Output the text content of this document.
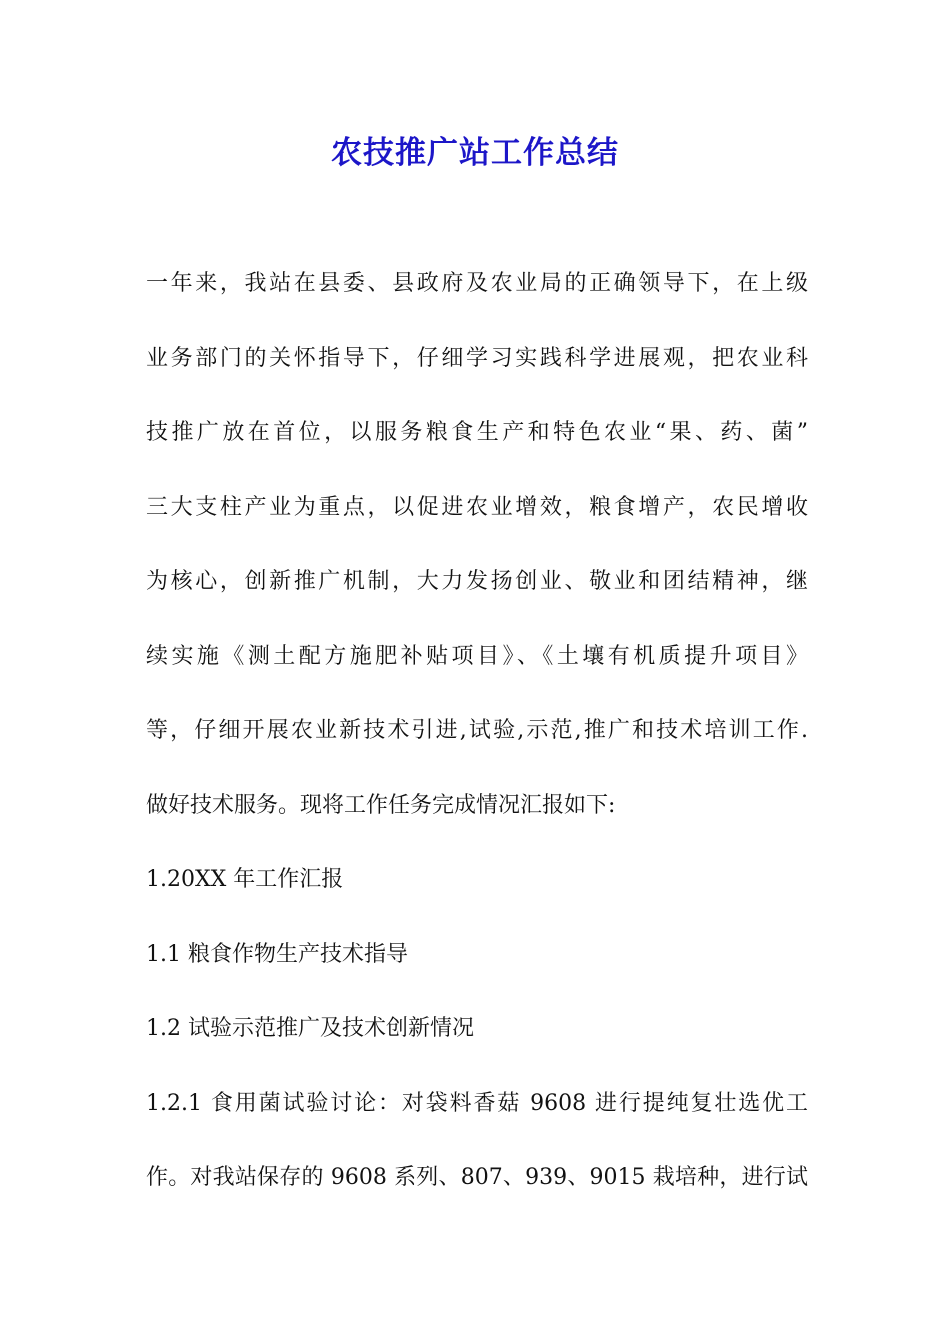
农技推广站工作总结

一年来，我站在县委、县政府及农业局的正确领导下，在上级

业务部门的关怀指导下，仔细学习实践科学进展观，把农业科

技推广放在首位，以服务粮食生产和特色农业“果、药、菌”

三大支柱产业为重点，以促进农业增效，粮食增产，农民增收

为核心，创新推广机制，大力发扬创业、敬业和团结精神，继

续实施《测土配方施肥补贴项目》、《土壤有机质提升项目》

等，仔细开展农业新技术引进,试验,示范,推广和技术培训工作.

做好技术服务。现将工作任务完成情况汇报如下:

1.20XX 年工作汇报

1.1 粮食作物生产技术指导

1.2 试验示范推广及技术创新情况

1.2.1 食用菌试验讨论：对袋料香菇 9608 进行提纯复壮选优工

作。对我站保存的 9608 系列、807、939、9015 栽培种，进行试
